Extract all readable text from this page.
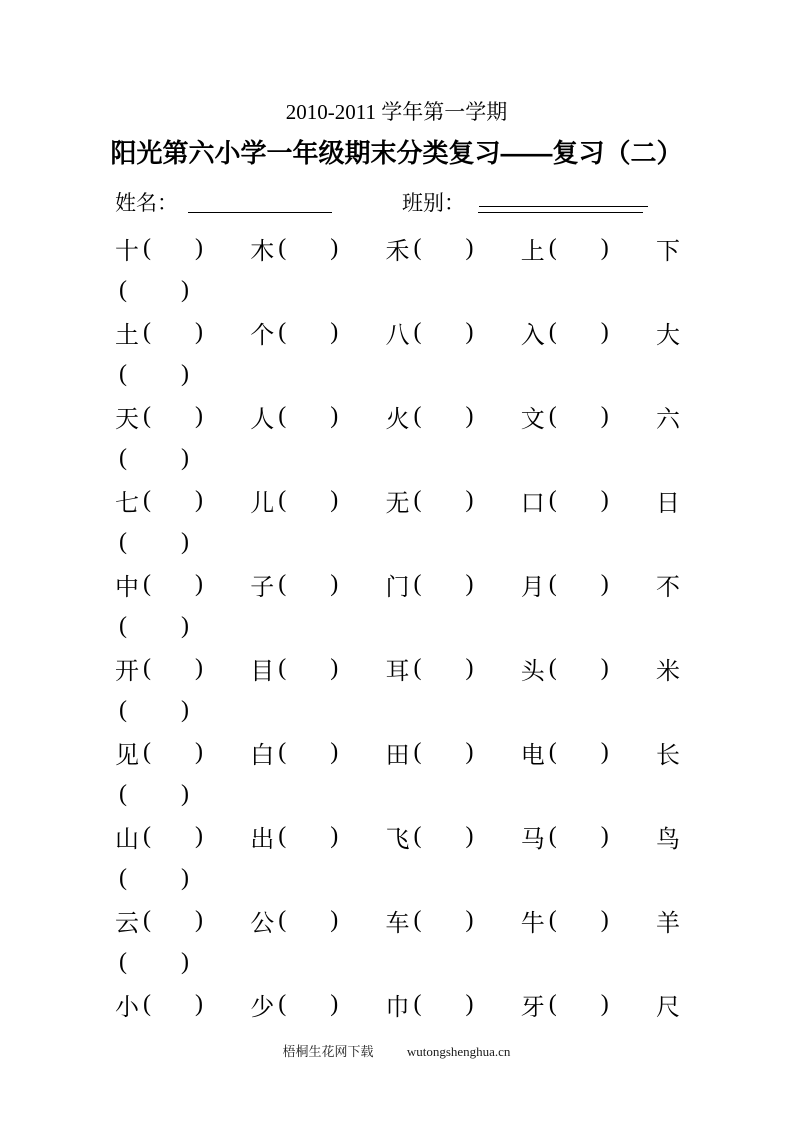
2010-2011 学年第一学期
阳光第六小学一年级期末分类复习——复习（二）
姓名：	班别：
十 ( ) 木 ( ) 禾 ( ) 上 ( ) 下
( )
土 ( ) 个 ( ) 八 ( ) 入 ( ) 大
( )
天 ( ) 人 ( ) 火 ( ) 文 ( ) 六
( )
七 ( ) 儿 ( ) 无 ( ) 口 ( ) 日
( )
中 ( ) 子 ( ) 门 ( ) 月 ( ) 不
( )
开 ( ) 目 ( ) 耳 ( ) 头 ( ) 米
( )
见 ( ) 白 ( ) 田 ( ) 电 ( ) 长
( )
山 ( ) 出 ( ) 飞 ( ) 马 ( ) 鸟
( )
云 ( ) 公 ( ) 车 ( ) 牛 ( ) 羊
( )
小 ( ) 少 ( ) 巾 ( ) 牙 ( ) 尺
梧桐生花网下载	wutongshenghua.cn
